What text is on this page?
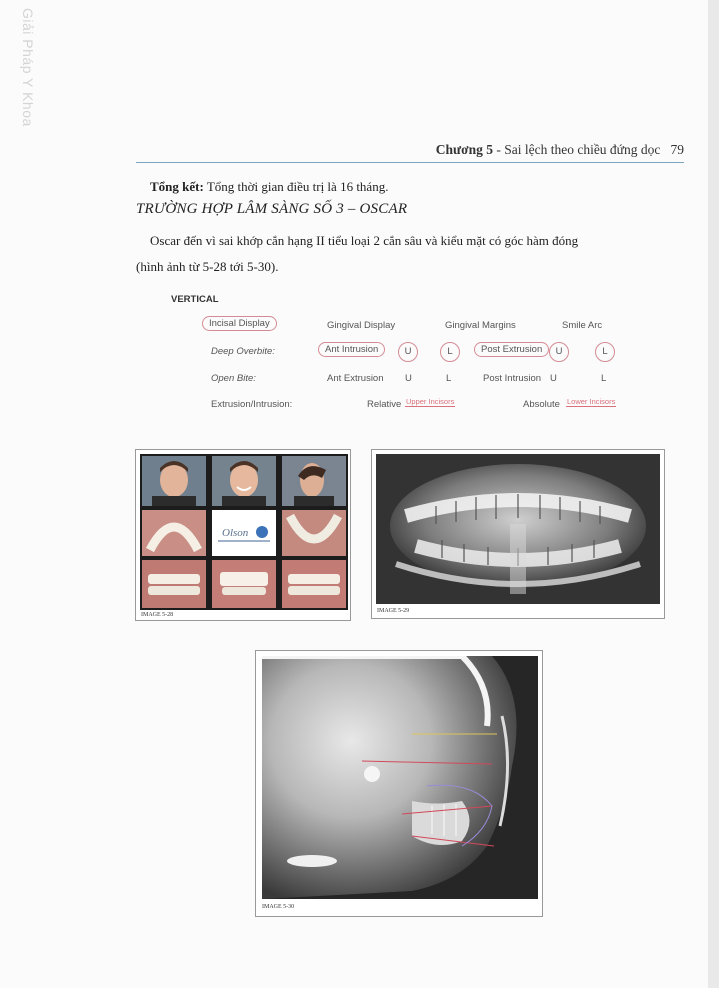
Giải Pháp Y Khoa
Chương 5 - Sai lệch theo chiều đứng dọc 79
Tổng kết: Tổng thời gian điều trị là 16 tháng.
TRƯỜNG HỢP LÂM SÀNG SỐ 3 – OSCAR
Oscar đến vì sai khớp cắn hạng II tiểu loại 2 cắn sâu và kiểu mặt có góc hàm đóng
(hình ảnh từ 5-28 tới 5-30).
VERTICAL
Incisal Display	Gingival Display	Gingival Margins	Smile Arc
Deep Overbite:	Ant Intrusion	U	L	Post Extrusion	U	L
Open Bite:	Ant Extrusion U	L	Post Intrusion U	L
Extrusion/Intrusion:	Relative Upper Incisors	Absolute Lower Incisors
Olson
IMAGE 5-28
IMAGE 5-29
IMAGE 5-30
